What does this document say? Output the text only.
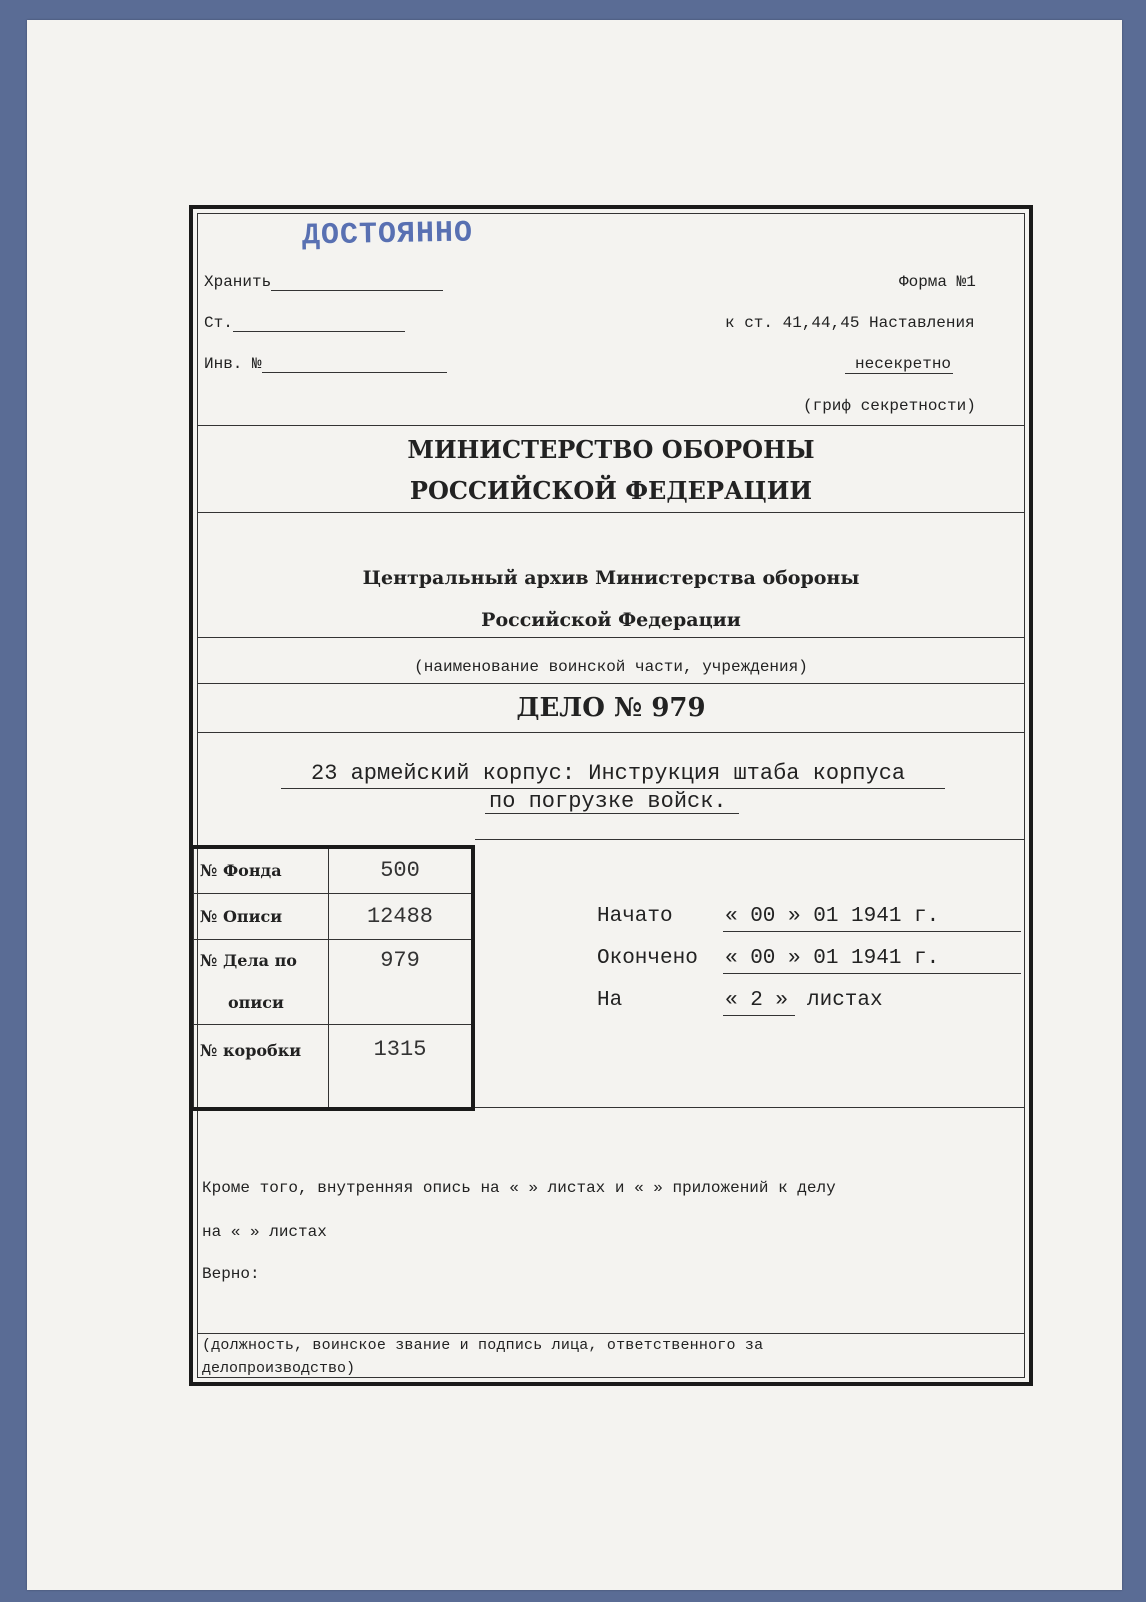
ДОСТОЯННО
Хранить
Ст.
Инв. №
Форма №1
к ст. 41,44,45 Наставления
несекретно
(гриф секретности)
МИНИСТЕРСТВО ОБОРОНЫ
РОССИЙСКОЙ ФЕДЕРАЦИИ
Центральный архив Министерства обороны
Российской Федерации
(наименование воинской части, учреждения)
ДЕЛО № 979
23 армейский корпус: Инструкция штаба корпуса
по погрузке войск.
№ Фонда	500
№ Описи	12488

№ Дела по
описи	979
№ коробки	1315
Начато « 00 » 01 1941 г.
Окончено « 00 » 01 1941 г.
На	« 2 » листах
Кроме того, внутренняя опись на « » листах и « » приложений к делу
на « » листах
Верно:
(должность, воинское звание и подпись лица, ответственного за
делопроизводство)
